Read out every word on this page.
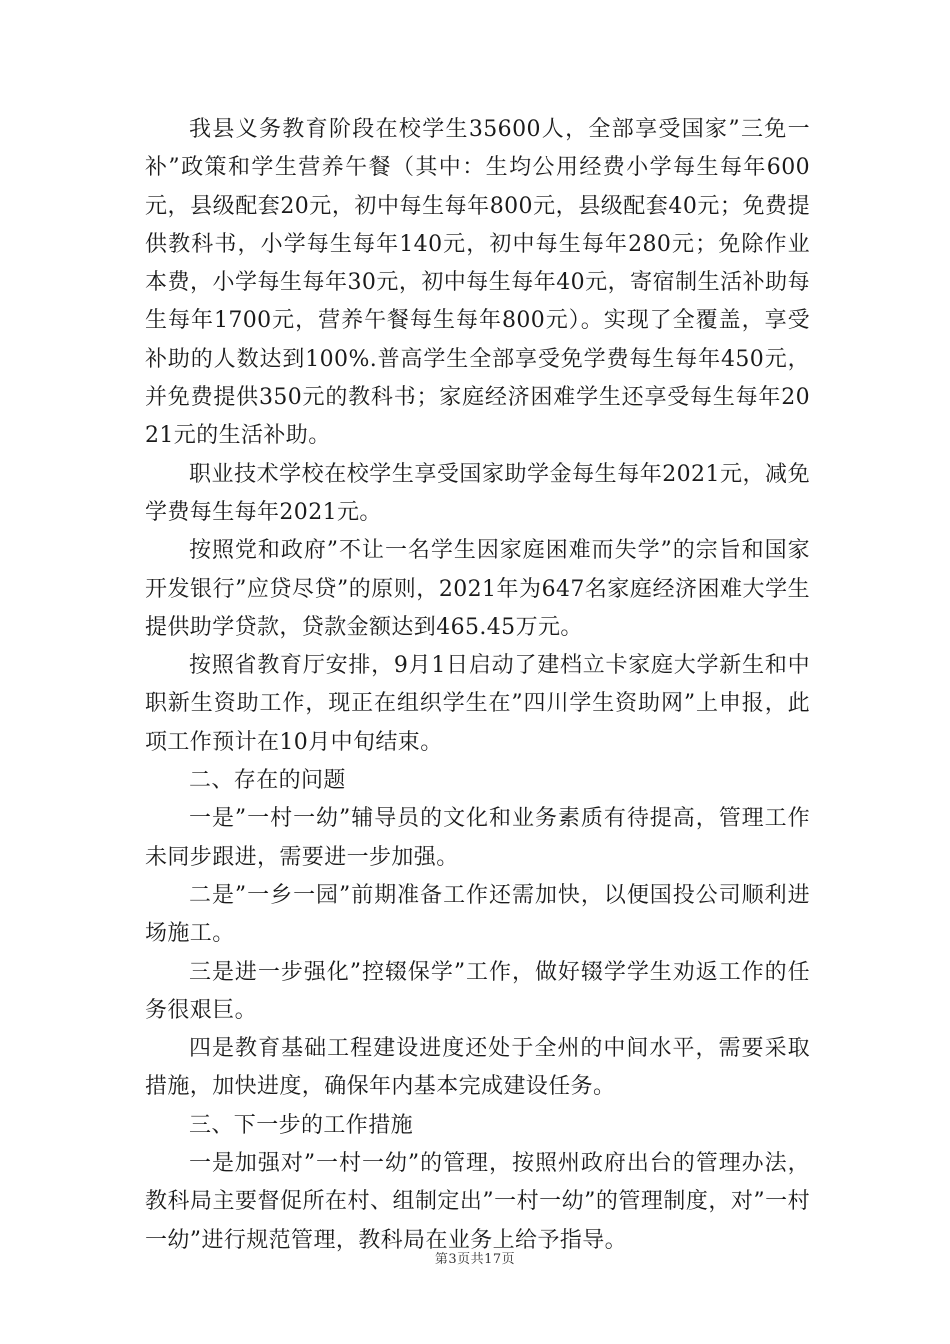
我县义务教育阶段在校学生35600人，全部享受国家”三免一补”政策和学生营养午餐（其中：生均公用经费小学每生每年600元，县级配套20元，初中每生每年800元，县级配套40元；免费提供教科书，小学每生每年140元，初中每生每年280元；免除作业本费，小学每生每年30元，初中每生每年40元，寄宿制生活补助每生每年1700元，营养午餐每生每年800元）。实现了全覆盖，享受补助的人数达到100%.普高学生全部享受免学费每生每年450元，并免费提供350元的教科书；家庭经济困难学生还享受每生每年2021元的生活补助。

职业技术学校在校学生享受国家助学金每生每年2021元，减免学费每生每年2021元。

按照党和政府”不让一名学生因家庭困难而失学”的宗旨和国家开发银行”应贷尽贷”的原则，2021年为647名家庭经济困难大学生提供助学贷款，贷款金额达到465.45万元。

按照省教育厅安排，9月1日启动了建档立卡家庭大学新生和中职新生资助工作，现正在组织学生在”四川学生资助网”上申报，此项工作预计在10月中旬结束。

二、存在的问题

一是”一村一幼”辅导员的文化和业务素质有待提高，管理工作未同步跟进，需要进一步加强。

二是”一乡一园”前期准备工作还需加快，以便国投公司顺利进场施工。

三是进一步强化”控辍保学”工作，做好辍学学生劝返工作的任务很艰巨。

四是教育基础工程建设进度还处于全州的中间水平，需要采取措施，加快进度，确保年内基本完成建设任务。

三、下一步的工作措施

一是加强对”一村一幼”的管理，按照州政府出台的管理办法，教科局主要督促所在村、组制定出”一村一幼”的管理制度，对”一村一幼”进行规范管理，教科局在业务上给予指导。

第3页共17页
